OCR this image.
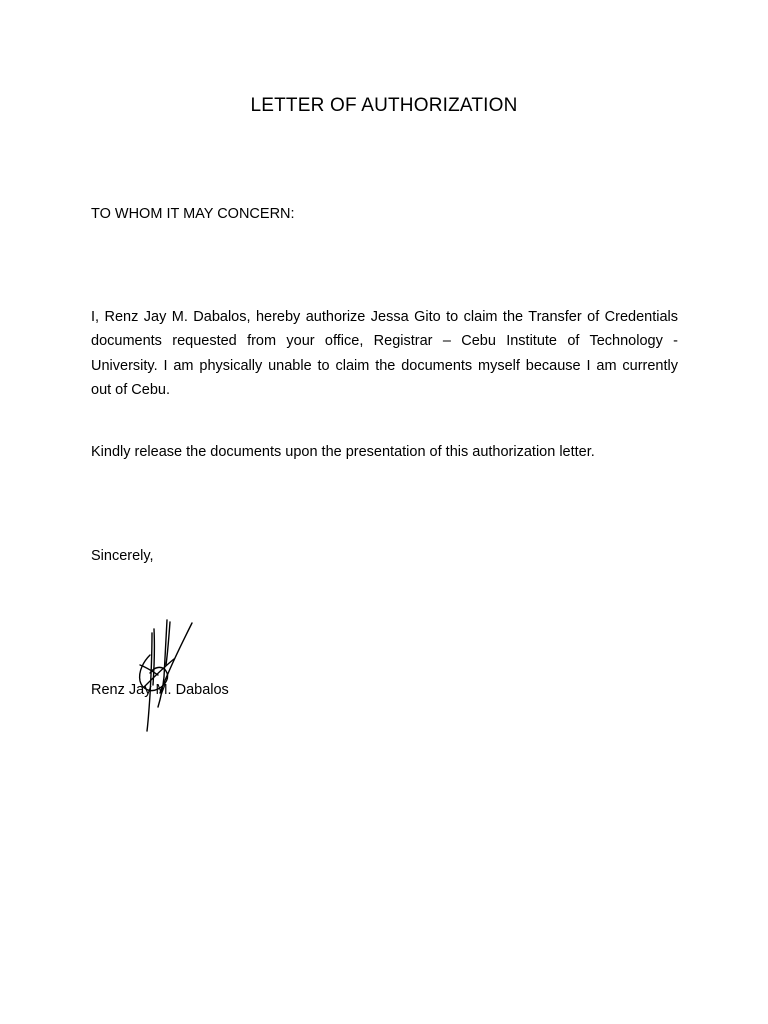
LETTER OF AUTHORIZATION
TO WHOM IT MAY CONCERN:
I, Renz Jay M. Dabalos, hereby authorize Jessa Gito to claim the Transfer of Credentials documents requested from your office, Registrar – Cebu Institute of Technology - University. I am physically unable to claim the documents myself because I am currently out of Cebu.
Kindly release the documents upon the presentation of this authorization letter.
Sincerely,
Renz Jay M. Dabalos
